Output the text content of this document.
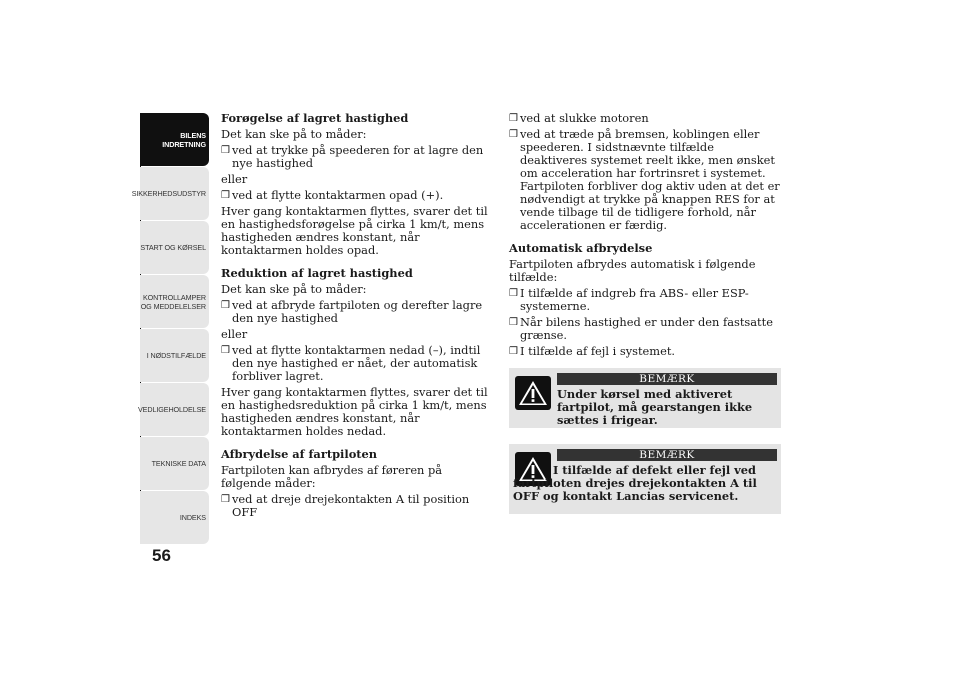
BILENS
INDRETNING
SIKKERHEDSUDSTYR
START OG KØRSEL
KONTROLLAMPER
OG MEDDELELSER
I NØDSTILFÆLDE
VEDLIGEHOLDELSE
TEKNISKE DATA
INDEKS
56
Forøgelse af lagret hastighed
Det kan ske på to måder:
❒ ved at trykke på speederen for at lagre den nye hastighed
eller
❒ ved at flytte kontaktarmen opad (+).
Hver gang kontaktarmen flyttes, svarer det til en hastighedsforøgelse på cirka 1 km/t, mens hastigheden ændres konstant, når kontaktarmen holdes opad.
Reduktion af lagret hastighed
Det kan ske på to måder:
❒ ved at afbryde fartpiloten og derefter lagre den nye hastighed
eller
❒ ved at flytte kontaktarmen nedad (–), indtil den nye hastighed er nået, der automatisk forbliver lagret.
Hver gang kontaktarmen flyttes, svarer det til en hastighedsreduktion på cirka 1 km/t, mens hastigheden ændres konstant, når kontaktarmen holdes nedad.
Afbrydelse af fartpiloten
Fartpiloten kan afbrydes af føreren på følgende måder:
❒ ved at dreje drejekontakten A til position OFF
❒ ved at slukke motoren
❒ ved at træde på bremsen, koblingen eller speederen. I sidstnævnte tilfælde deaktiveres systemet reelt ikke, men ønsket om acceleration har fortrinsret i systemet. Fartpiloten forbliver dog aktiv uden at det er nødvendigt at trykke på knappen RES for at vende tilbage til de tidligere forhold, når accelerationen er færdig.
Automatisk afbrydelse
Fartpiloten afbrydes automatisk i følgende tilfælde:
❒ I tilfælde af indgreb fra ABS- eller ESP-systemerne.
❒ Når bilens hastighed er under den fastsatte grænse.
❒ I tilfælde af fejl i systemet.
BEMÆRK
Under kørsel med aktiveret fartpilot, må gearstangen ikke sættes i frigear.
BEMÆRK
I tilfælde af defekt eller fejl ved fartpiloten drejes drejekontakten A til OFF og kontakt Lancias servicenet.
